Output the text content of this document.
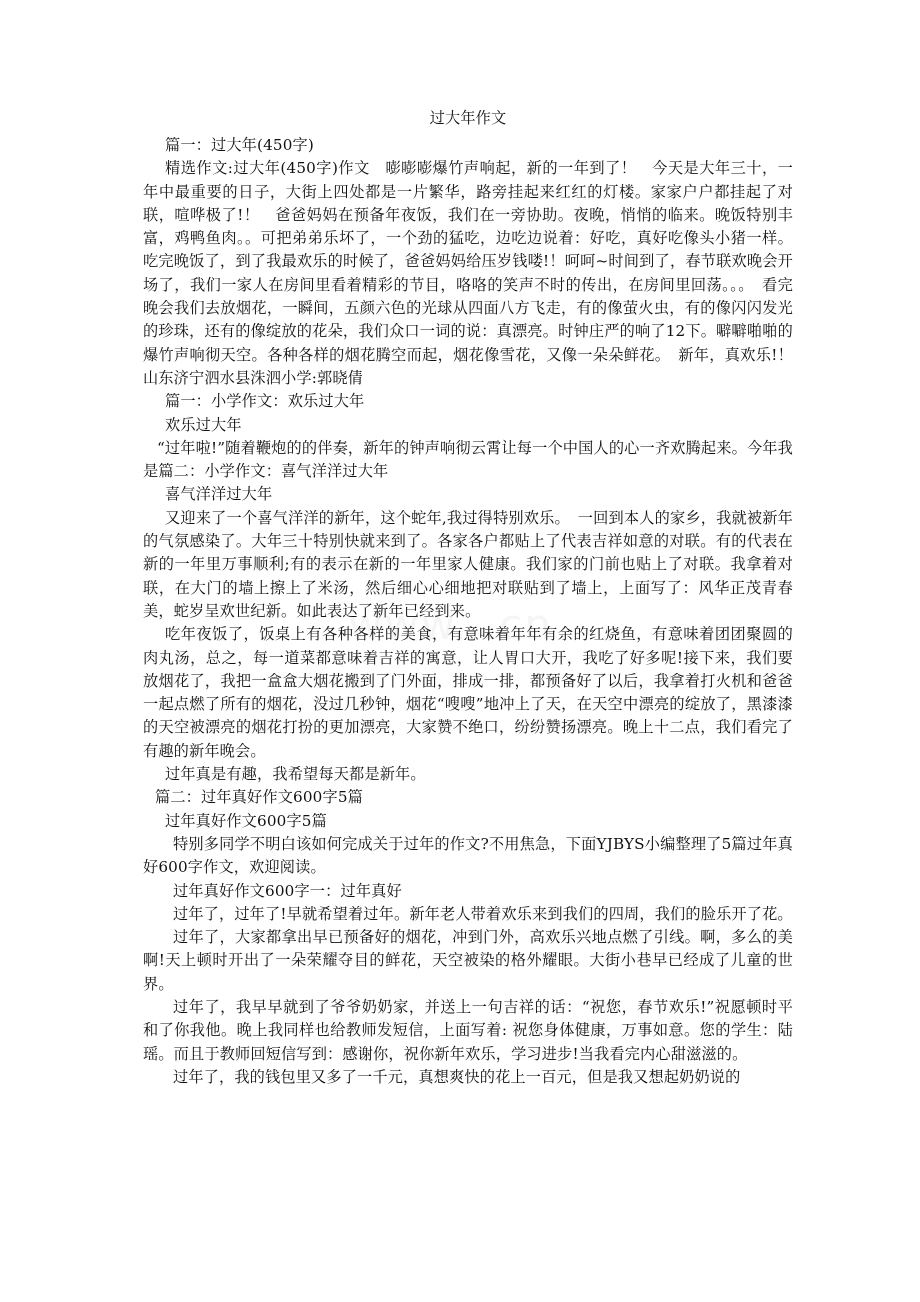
过大年作文

篇一：过大年(450字)

精选作文:过大年(450字)作文　嘭嘭嘭爆竹声响起，新的一年到了！　今天是大年三十，一年中最重要的日子，大街上四处都是一片繁华，路旁挂起来红红的灯楼。家家户户都挂起了对联，喧哗极了!！　爸爸妈妈在预备年夜饭，我们在一旁协助。夜晚，悄悄的临来。晚饭特别丰富，鸡鸭鱼肉。。可把弟弟乐坏了，一个劲的猛吃，边吃边说着：好吃，真好吃像头小猪一样。吃完晚饭了，到了我最欢乐的时候了，爸爸妈妈给压岁钱喽!！呵呵~时间到了，春节联欢晚会开场了，我们一家人在房间里看着精彩的节目，咯咯的笑声不时的传出，在房间里回荡。。。　看完晚会我们去放烟花，一瞬间，五颜六色的光球从四面八方飞走，有的像萤火虫，有的像闪闪发光的珍珠，还有的像绽放的花朵，我们众口一词的说：真漂亮。时钟庄严的响了12下。噼噼啪啪的爆竹声响彻天空。各种各样的烟花腾空而起，烟花像雪花，又像一朵朵鲜花。　新年，真欢乐!！山东济宁泗水县洙泗小学:郭晓倩

篇一：小学作文：欢乐过大年

欢乐过大年

“过年啦!”随着鞭炮的的伴奏，新年的钟声响彻云霄让每一个中国人的心一齐欢腾起来。今年我是篇二：小学作文：喜气洋洋过大年

喜气洋洋过大年

又迎来了一个喜气洋洋的新年，这个蛇年,我过得特别欢乐。　一回到本人的家乡，我就被新年的气氛感染了。大年三十特别快就来到了。各家各户都贴上了代表吉祥如意的对联。有的代表在新的一年里万事顺利;有的表示在新的一年里家人健康。我们家的门前也贴上了对联。我拿着对联，在大门的墙上擦上了米汤，然后细心心细地把对联贴到了墙上，上面写了：风华正茂青春美，蛇岁呈欢世纪新。如此表达了新年已经到来。

吃年夜饭了，饭桌上有各种各样的美食，有意味着年年有余的红烧鱼，有意味着团团聚圆的肉丸汤，总之，每一道菜都意味着吉祥的寓意，让人胃口大开，我吃了好多呢!接下来，我们要放烟花了，我把一盒盒大烟花搬到了门外面，排成一排，都预备好了以后，我拿着打火机和爸爸一起点燃了所有的烟花，没过几秒钟，烟花“嗖嗖”地冲上了天，在天空中漂亮的绽放了，黑漆漆的天空被漂亮的烟花打扮的更加漂亮，大家赞不绝口，纷纷赞扬漂亮。晚上十二点，我们看完了有趣的新年晚会。

过年真是有趣，我希望每天都是新年。

篇二：过年真好作文600字5篇

过年真好作文600字5篇

特别多同学不明白该如何完成关于过年的作文?不用焦急，下面YJBYS小编整理了5篇过年真好600字作文，欢迎阅读。

过年真好作文600字一：过年真好

过年了，过年了!早就希望着过年。新年老人带着欢乐来到我们的四周，我们的脸乐开了花。

过年了，大家都拿出早已预备好的烟花，冲到门外，高欢乐兴地点燃了引线。啊，多么的美啊!天上顿时开出了一朵荣耀夺目的鲜花，天空被染的格外耀眼。大街小巷早已经成了儿童的世界。

过年了，我早早就到了爷爷奶奶家，并送上一句吉祥的话：“祝您，春节欢乐!”祝愿顿时平和了你我他。晚上我同样也给教师发短信，上面写着: 祝您身体健康，万事如意。您的学生：陆瑶。而且于教师回短信写到：感谢你，祝你新年欢乐，学习进步!当我看完内心甜滋滋的。

过年了，我的钱包里又多了一千元，真想爽快的花上一百元，但是我又想起奶奶说的
